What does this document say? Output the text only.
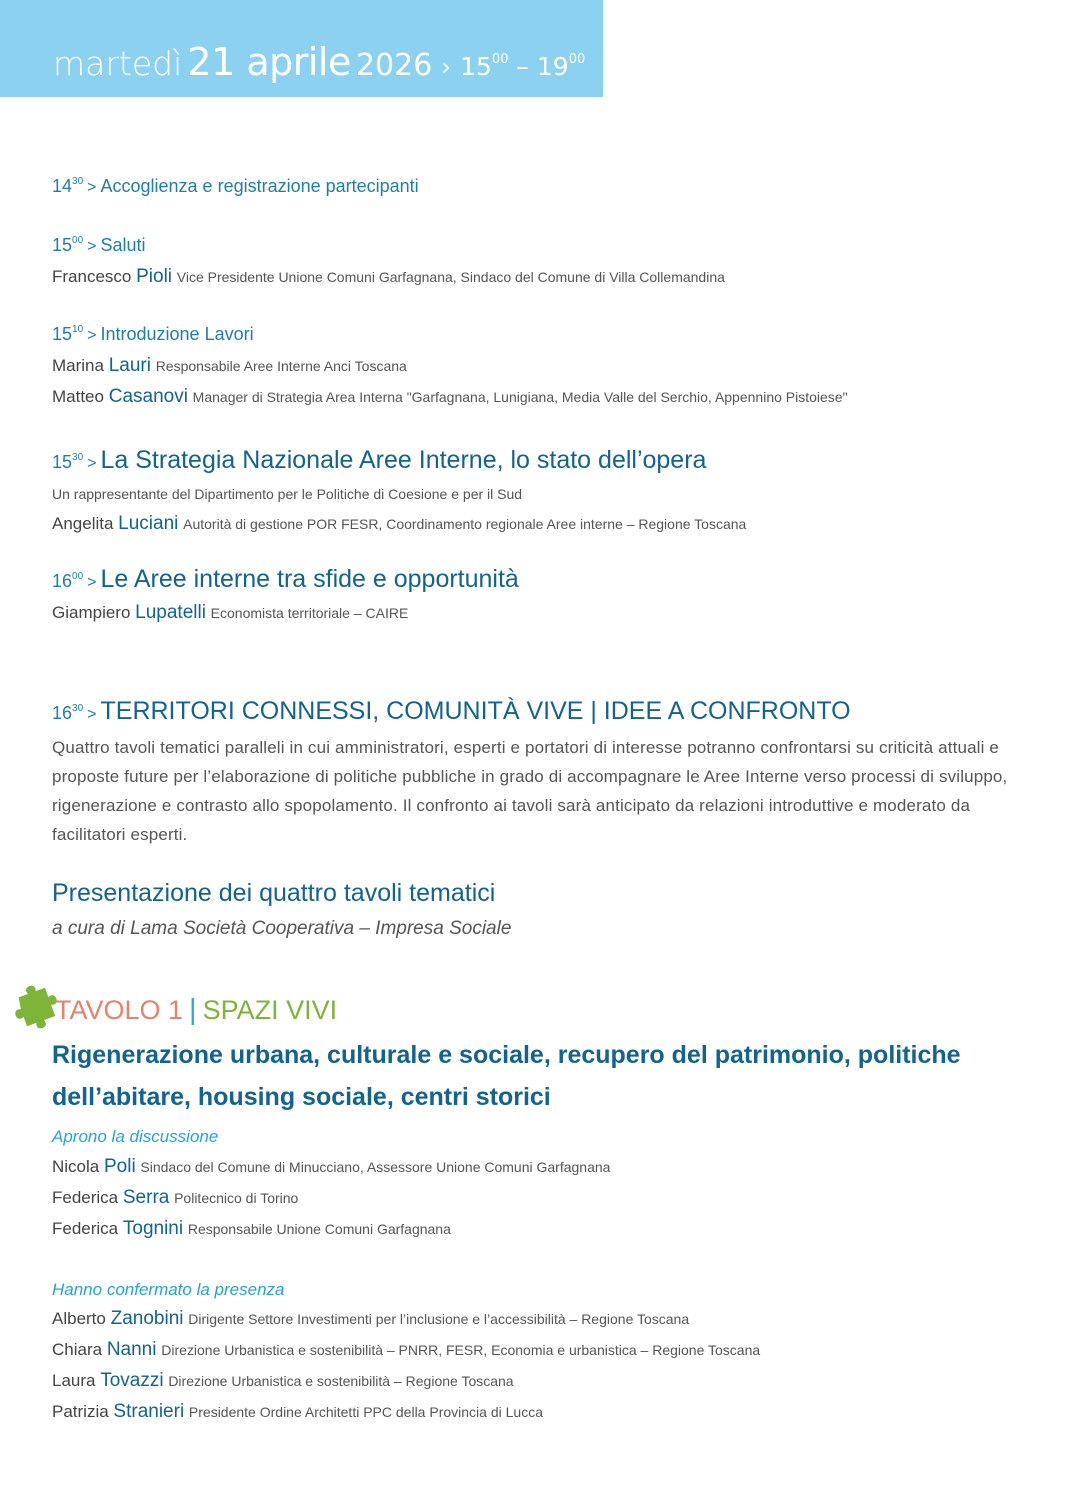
martedì 21 aprile 2026 › $15^{00} - 19^{00}$
$14^{30}$ > Accoglienza e registrazione partecipanti
$15^{00}$ > Saluti
Francesco Pioli Vice Presidente Unione Comuni Garfagnana, Sindaco del Comune di Villa Collemandina
$15^{10}$ > Introduzione Lavori
Marina Lauri Responsabile Aree Interne Anci Toscana
Matteo Casanovi Manager di Strategia Area Interna "Garfagnana, Lunigiana, Media Valle del Serchio, Appennino Pistoiese"
$15^{30} > La$ Strategia Nazionale Aree Interne, lo stato dell’opera
Un rappresentante del Dipartimento per le Politiche di Coesione e per il Sud
Angelita Luciani Autorità di gestione POR FESR, Coordinamento regionale Aree interne – Regione Toscana
$16^{00} > Le$ Aree interne tra sfide e opportunità
Giampiero Lupatelli Economista territoriale – CAIRE
$16^{30}$ > TERRITORI CONNESSI, COMUNITÀ VIVE | IDEE A CONFRONTO
Quattro tavoli tematici paralleli in cui amministratori, esperti e portatori di interesse potranno confrontarsi su criticità attuali e proposte future per l’elaborazione di politiche pubbliche in grado di accompagnare le Aree Interne verso processi di sviluppo, rigenerazione e contrasto allo spopolamento. Il confronto ai tavoli sarà anticipato da relazioni introduttive e moderato da facilitatori esperti.
Presentazione dei quattro tavoli tematici
a cura di Lama Società Cooperativa – Impresa Sociale
TAVOLO 1 | SPAZI VIVI
Rigenerazione urbana, culturale e sociale, recupero del patrimonio, politiche dell’abitare, housing sociale, centri storici
Aprono la discussione
Nicola Poli Sindaco del Comune di Minucciano, Assessore Unione Comuni Garfagnana
Federica Serra Politecnico di Torino
Federica Tognini Responsabile Unione Comuni Garfagnana
Hanno confermato la presenza
Alberto Zanobini Dirigente Settore Investimenti per l’inclusione e l’accessibilità – Regione Toscana
Chiara Nanni Direzione Urbanistica e sostenibilità – PNRR, FESR, Economia e urbanistica – Regione Toscana
Laura Tovazzi Direzione Urbanistica e sostenibilità – Regione Toscana
Patrizia Stranieri Presidente Ordine Architetti PPC della Provincia di Lucca
